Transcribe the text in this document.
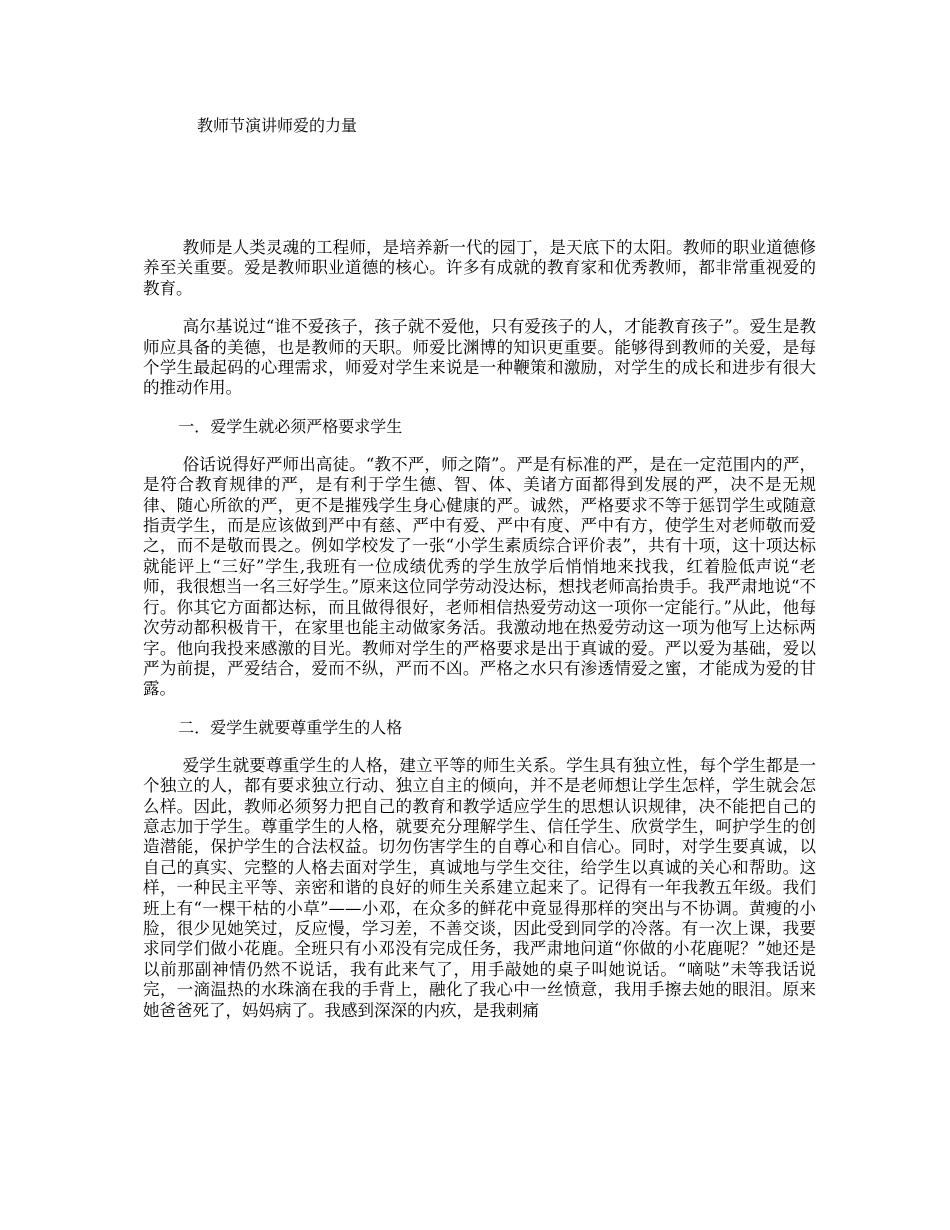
教师节演讲师爱的力量

教师是人类灵魂的工程师，是培养新一代的园丁，是天底下的太阳。教师的职业道德修养至关重要。爱是教师职业道德的核心。许多有成就的教育家和优秀教师，都非常重视爱的教育。

高尔基说过“谁不爱孩子，孩子就不爱他，只有爱孩子的人，才能教育孩子”。爱生是教师应具备的美德，也是教师的天职。师爱比渊博的知识更重要。能够得到教师的关爱，是每个学生最起码的心理需求，师爱对学生来说是一种鞭策和激励，对学生的成长和进步有很大的推动作用。

一．爱学生就必须严格要求学生

俗话说得好严师出高徒。“教不严，师之隋”。严是有标准的严，是在一定范围内的严，是符合教育规律的严，是有利于学生德、智、体、美诸方面都得到发展的严，决不是无规律、随心所欲的严，更不是摧残学生身心健康的严。诚然，严格要求不等于惩罚学生或随意指责学生，而是应该做到严中有慈、严中有爱、严中有度、严中有方，使学生对老师敬而爱之，而不是敬而畏之。例如学校发了一张“小学生素质综合评价表”，共有十项，这十项达标就能评上“三好”学生,我班有一位成绩优秀的学生放学后悄悄地来找我，红着脸低声说“老师，我很想当一名三好学生。”原来这位同学劳动没达标，想找老师高抬贵手。我严肃地说“不行。你其它方面都达标，而且做得很好，老师相信热爱劳动这一项你一定能行。”从此，他每次劳动都积极肯干，在家里也能主动做家务活。我激动地在热爱劳动这一项为他写上达标两字。他向我投来感激的目光。教师对学生的严格要求是出于真诚的爱。严以爱为基础，爱以严为前提，严爱结合，爱而不纵，严而不凶。严格之水只有渗透情爱之蜜，才能成为爱的甘露。

二．爱学生就要尊重学生的人格

爱学生就要尊重学生的人格，建立平等的师生关系。学生具有独立性，每个学生都是一个独立的人，都有要求独立行动、独立自主的倾向，并不是老师想让学生怎样，学生就会怎么样。因此，教师必须努力把自己的教育和教学适应学生的思想认识规律，决不能把自己的意志加于学生。尊重学生的人格，就要充分理解学生、信任学生、欣赏学生，呵护学生的创造潜能，保护学生的合法权益。切勿伤害学生的自尊心和自信心。同时，对学生要真诚，以自己的真实、完整的人格去面对学生，真诚地与学生交往，给学生以真诚的关心和帮助。这样，一种民主平等、亲密和谐的良好的师生关系建立起来了。记得有一年我教五年级。我们班上有“一棵干枯的小草”——小邓，在众多的鲜花中竟显得那样的突出与不协调。黄瘦的小脸，很少见她笑过，反应慢，学习差，不善交谈，因此受到同学的冷落。有一次上课，我要求同学们做小花鹿。全班只有小邓没有完成任务，我严肃地问道“你做的小花鹿呢？”她还是以前那副神情仍然不说话，我有此来气了，用手敲她的桌子叫她说话。“嘀哒”未等我话说完，一滴温热的水珠滴在我的手背上，融化了我心中一丝愤意，我用手擦去她的眼泪。原来她爸爸死了，妈妈病了。我感到深深的内疚，是我刺痛
